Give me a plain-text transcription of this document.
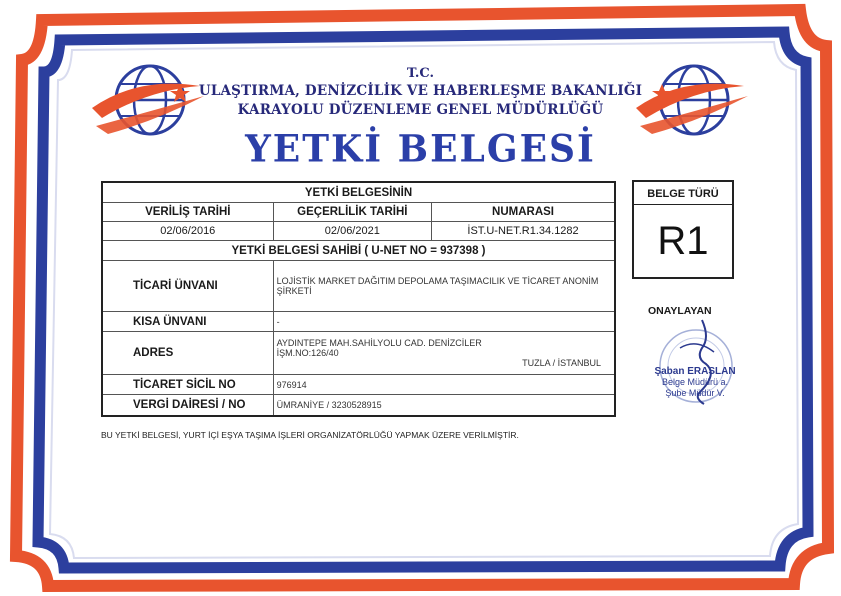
T.C.
ULAŞTIRMA, DENİZCİLİK VE HABERLEŞME BAKANLIĞI
KARAYOLU DÜZENLEME GENEL MÜDÜRLÜĞÜ
YETKİ BELGESİ
YETKİ BELGESİNİN		
VERİLİŞ TARİHİ	GEÇERLİLİK TARİHİ	NUMARASI
02/06/2016	02/06/2021	İST.U-NET.R1.34.1282
YETKİ BELGESİ SAHİBİ ( U-NET NO = 937398 )		
TİCARİ ÜNVANI	LOJİSTİK MARKET DAĞITIM DEPOLAMA TAŞIMACILIK VE TİCARET ANONİM ŞİRKETİ	
KISA ÜNVANI	-	
ADRES	AYDINTEPE MAH.SAHİLYOLU CAD. DENİZCİLER İŞM.NO:126/40
TUZLA / İSTANBUL	

TİCARET SİCİL NO	976914	
VERGİ DAİRESİ / NO	ÜMRANİYE / 3230528915	
BELGE TÜRÜ
R1
ONAYLAYAN
Şaban ERASLAN
Belge Müdürü a.
Şube Müdür V.
BU YETKİ BELGESİ, YURT İÇİ EŞYA TAŞIMA İŞLERİ ORGANİZATÖRLÜĞÜ YAPMAK ÜZERE VERİLMİŞTİR.
